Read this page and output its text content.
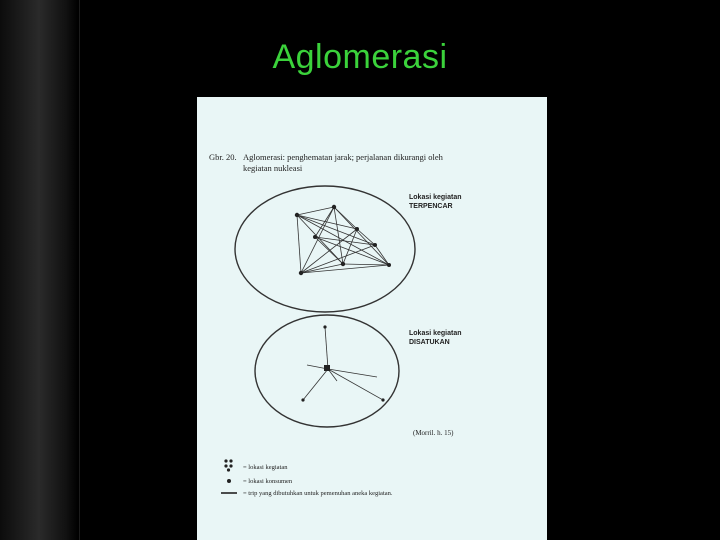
Aglomerasi
Gbr. 20. Aglomerasi: penghematan jarak; perjalanan dikurangi oleh
kegiatan nukleasi
Lokasi kegiatan
TERPENCAR
Lokasi kegiatan
DISATUKAN
(Morril. h. 15)
= lokasi kegiatan
= lokasi konsumen
= trip yang dibutuhkan untuk pemenuhan aneka kegiatan.
